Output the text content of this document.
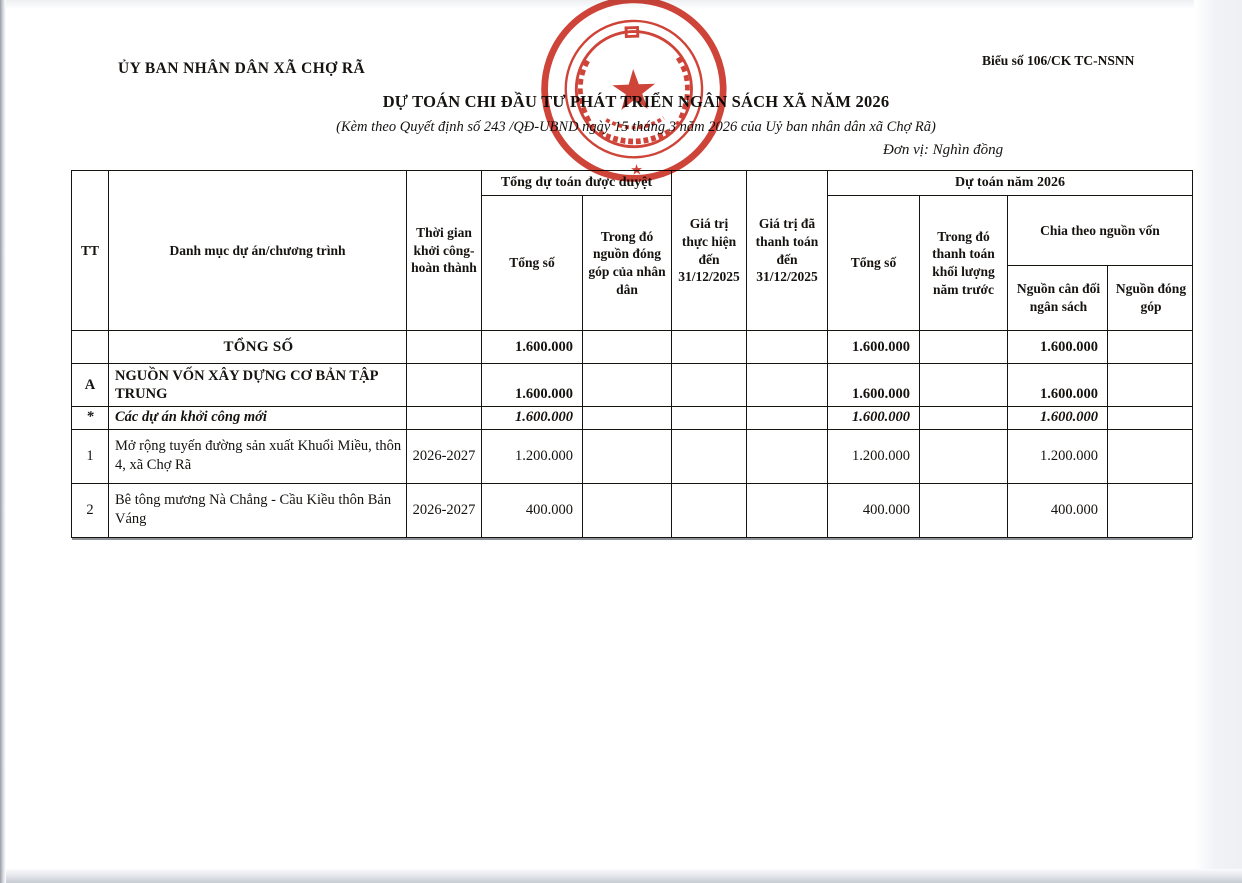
ỦY BAN NHÂN DÂN XÃ CHỢ RÃ	Biểu số 106/CK TC-NSNN
DỰ TOÁN CHI ĐẦU TƯ PHÁT TRIỂN NGÂN SÁCH XÃ NĂM 2026
(Kèm theo Quyết định số 243 /QĐ-UBND ngày 15 tháng 3 năm 2026 của Uỷ ban nhân dân xã Chợ Rã)
Đơn vị: Nghìn đồng
★
★
TT	Danh mục dự án/chương trình	Thời gian khởi công- hoàn thành	Tổng dự toán được duyệt		Giá trị thực hiện đến 31/12/2025	Giá trị đã thanh toán đến 31/12/2025	Dự toán năm 2026			
			Tổng số	Trong đó nguồn đóng góp của nhân dân			Tổng số	Trong đó thanh toán khối lượng năm trước	Chia theo nguồn vốn	
									Nguồn cân đối ngân sách	Nguồn đóng góp
	TỔNG SỐ		1.600.000				1.600.000		1.600.000	
A	NGUỒN VỐN XÂY DỰNG CƠ BẢN TẬP TRUNG		1.600.000				1.600.000		1.600.000	
*	Các dự án khởi công mới		1.600.000				1.600.000		1.600.000	
1	Mở rộng tuyến đường sản xuất Khuổi Miều, thôn 4, xã Chợ Rã	2026-2027	1.200.000				1.200.000		1.200.000	
2	Bê tông mương Nà Chẳng - Cầu Kiều thôn Bản Váng	2026-2027	400.000				400.000		400.000	
